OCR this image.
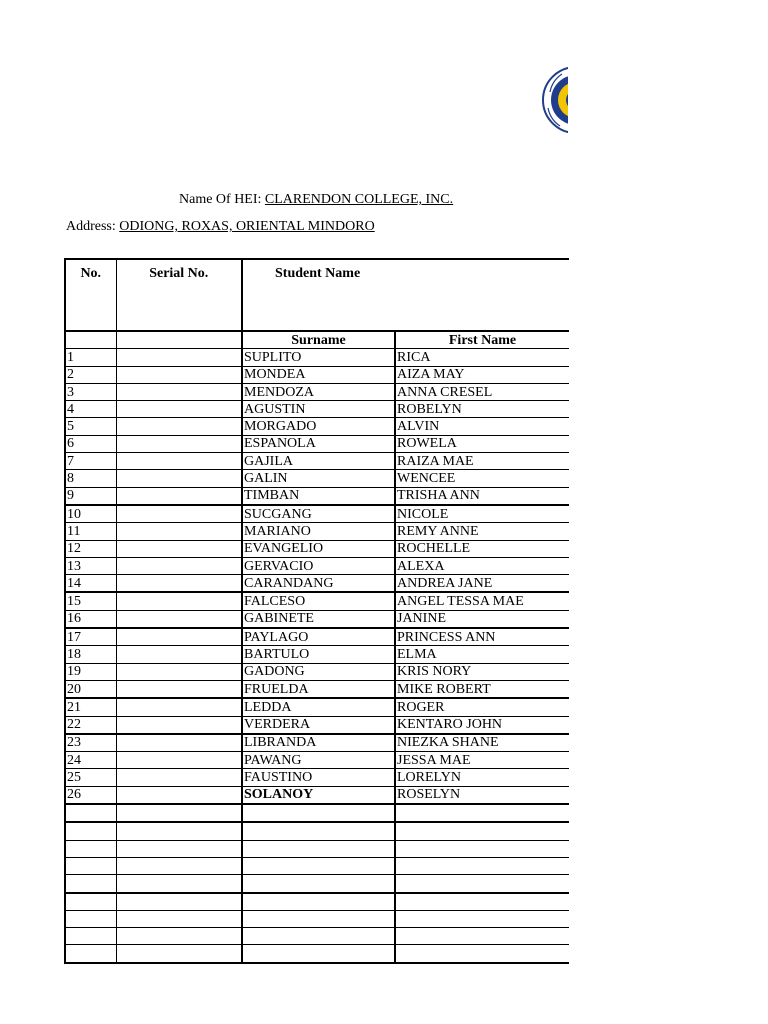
Name Of HEI: CLARENDON COLLEGE, INC.
Address: ODIONG, ROXAS, ORIENTAL MINDORO
No.	Serial No.	Student Name	
		Surname	First Name
1		SUPLITO	RICA
2		MONDEA	AIZA MAY
3		MENDOZA	ANNA CRESEL
4		AGUSTIN	ROBELYN
5		MORGADO	ALVIN
6		ESPANOLA	ROWELA
7		GAJILA	RAIZA MAE
8		GALIN	WENCEE
9		TIMBAN	TRISHA ANN
10		SUCGANG	NICOLE
11		MARIANO	REMY ANNE
12		EVANGELIO	ROCHELLE
13		GERVACIO	ALEXA
14		CARANDANG	ANDREA JANE
15		FALCESO	ANGEL TESSA MAE
16		GABINETE	JANINE
17		PAYLAGO	PRINCESS ANN
18		BARTULO	ELMA
19		GADONG	KRIS NORY
20		FRUELDA	MIKE ROBERT
21		LEDDA	ROGER
22		VERDERA	KENTARO JOHN
23		LIBRANDA	NIEZKA SHANE
24		PAWANG	JESSA MAE
25		FAUSTINO	LORELYN
26		SOLANOY	ROSELYN
